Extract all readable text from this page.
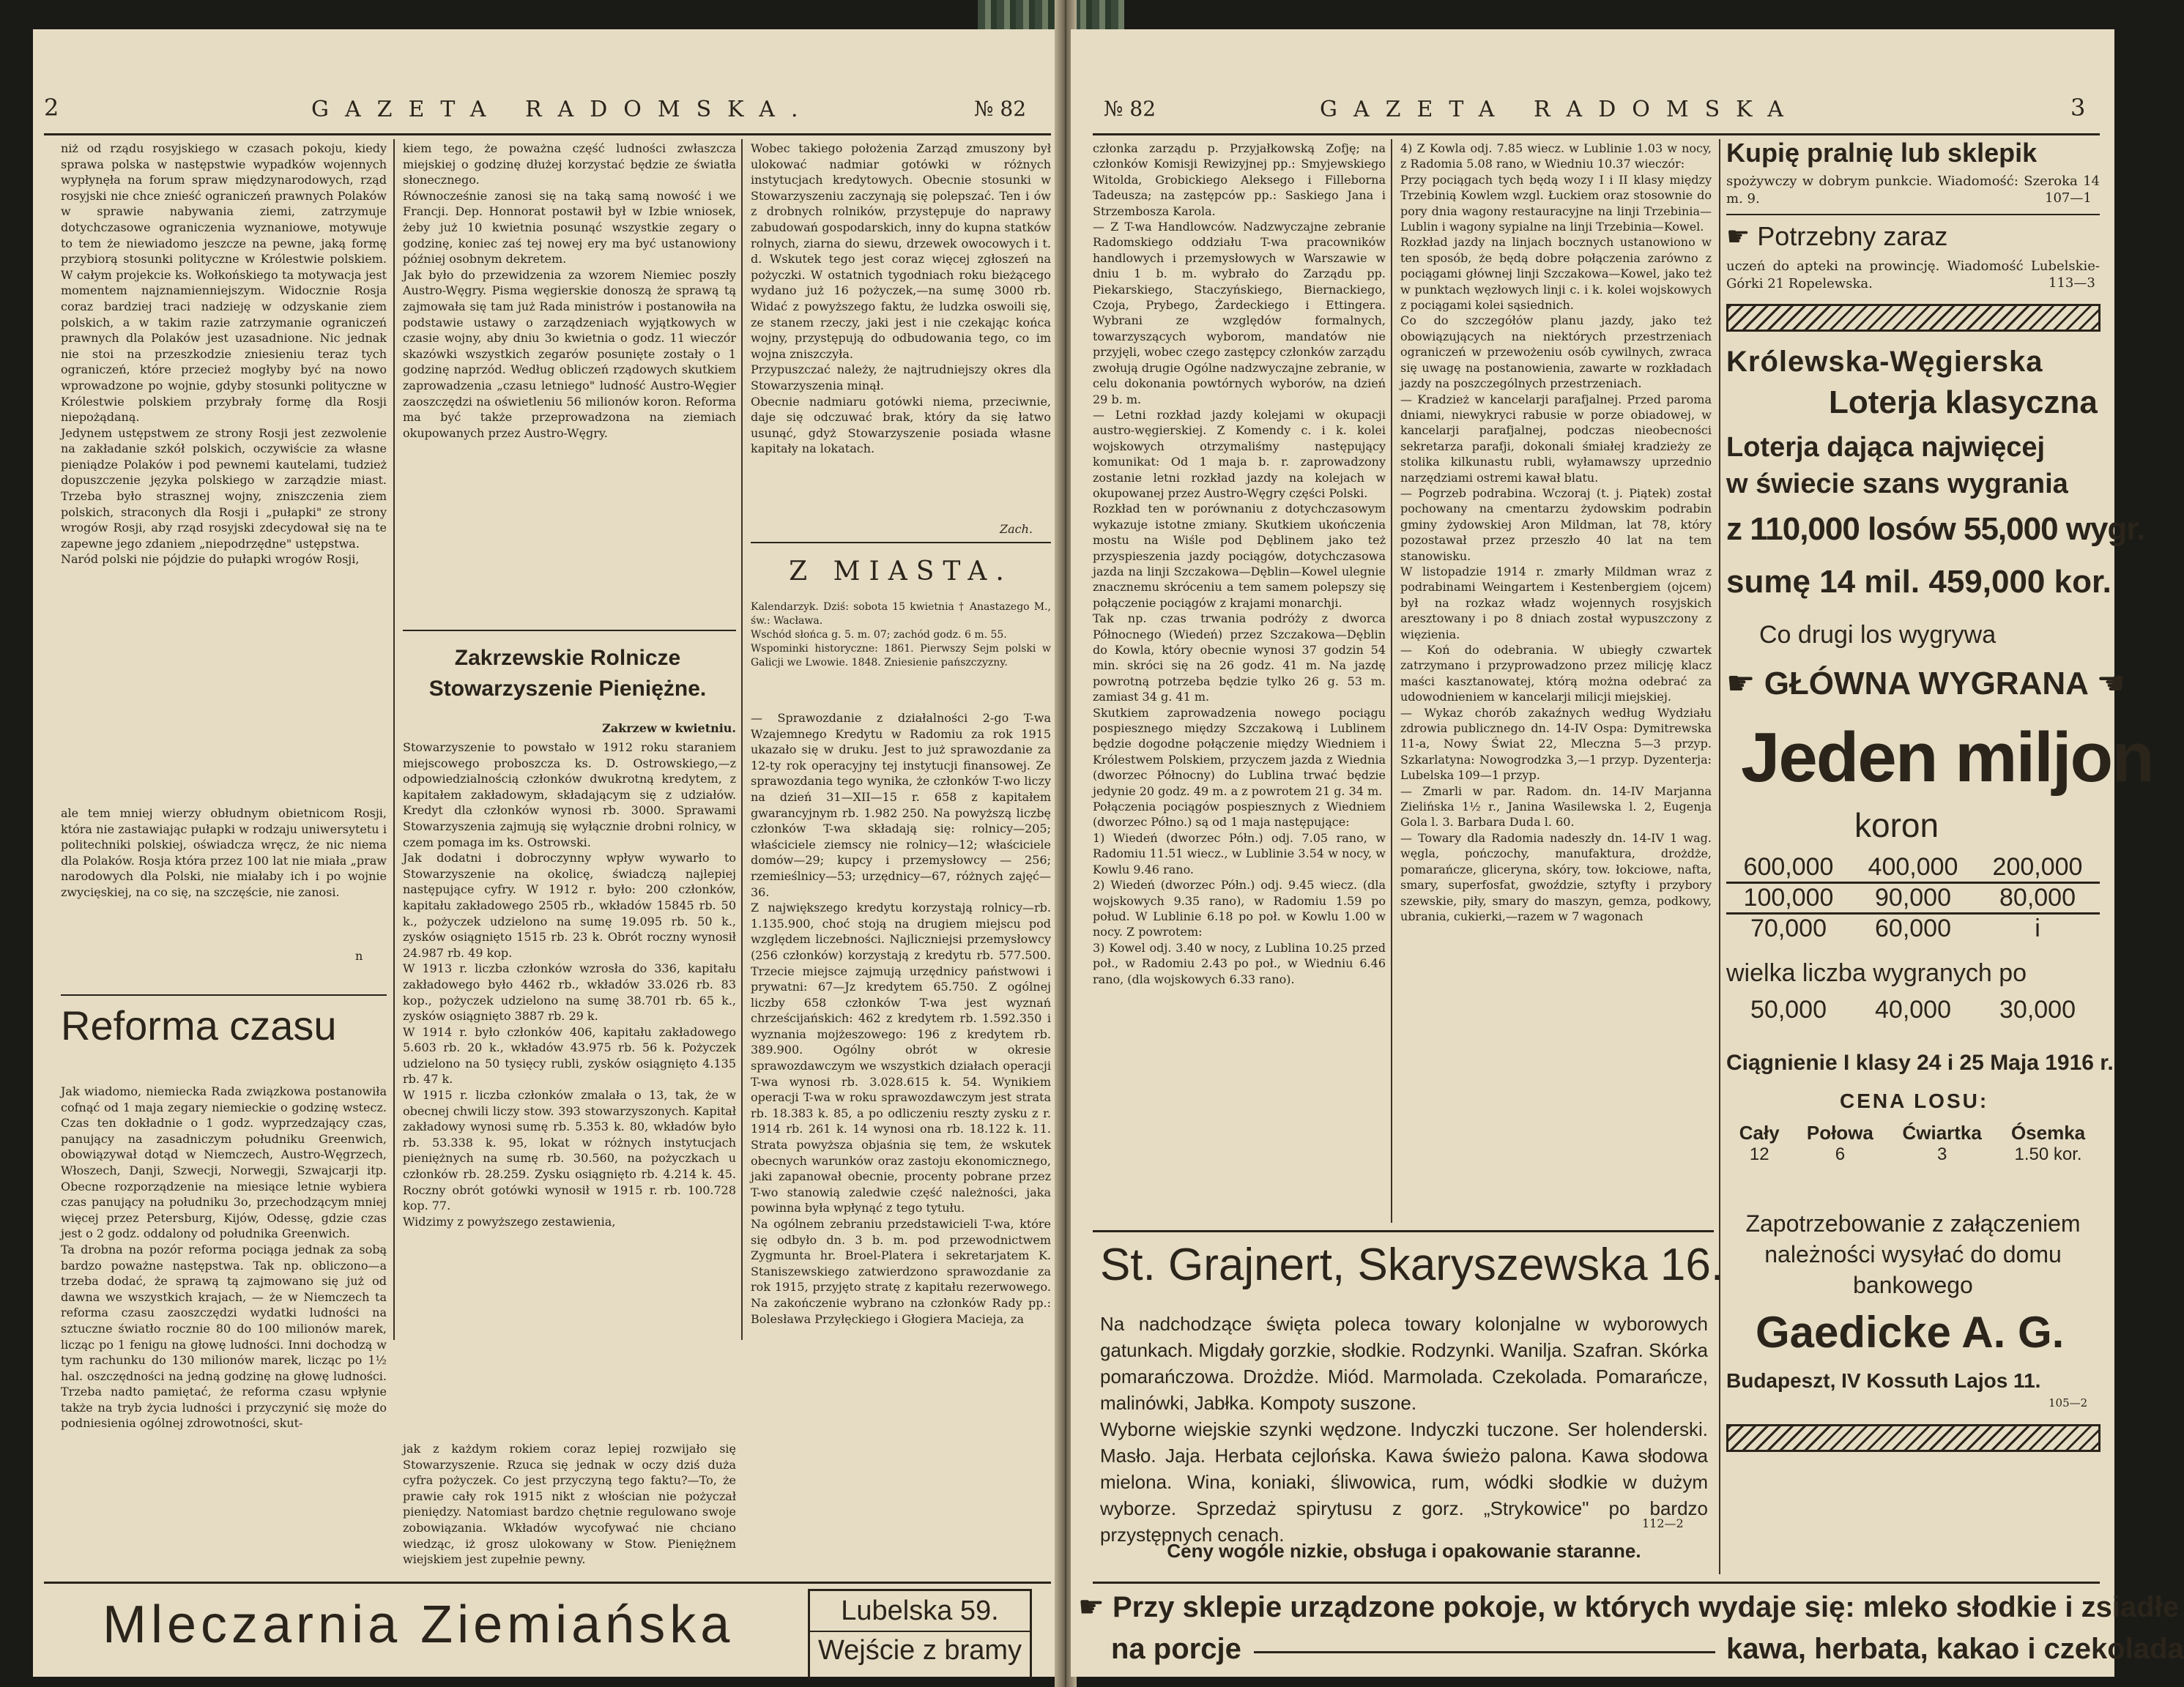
2	GAZETA RADOMSKA.	№ 82
niż od rządu rosyjskiego w czasach pokoju, kiedy sprawa polska w następstwie wypadków wojennych wypłynęła na forum spraw międzynarodowych, rząd rosyjski nie chce znieść ograniczeń prawnych Polaków w sprawie nabywania ziemi, zatrzymuje dotychczasowe ograniczenia wyznaniowe, motywuje to tem że niewiadomo jeszcze na pewne, jaką formę przybiorą stosunki polityczne w Królestwie polskiem. W całym projekcie ks. Wołkońskiego ta motywacja jest momentem najznamienniejszym. Widocznie Rosja coraz bardziej traci nadzieję w odzyskanie ziem polskich, a w takim razie zatrzymanie ograniczeń prawnych dla Polaków jest uzasadnione. Nic jednak nie stoi na przeszkodzie zniesieniu teraz tych ograniczeń, które przecież mogłyby być na nowo wprowadzone po wojnie, gdyby stosunki polityczne w Królestwie polskiem przybrały formę dla Rosji niepożądaną.
Jedynem ustępstwem ze strony Rosji jest zezwolenie na zakładanie szkół polskich, oczywiście za własne pieniądze Polaków i pod pewnemi kautelami, tudzież dopuszczenie języka polskiego w zarządzie miast. Trzeba było strasznej wojny, zniszczenia ziem polskich, straconych dla Rosji i „pułapki" ze strony wrogów Rosji, aby rząd rosyjski zdecydował się na te zapewne jego zdaniem „niepodrzędne" ustępstwa.
Naród polski nie pójdzie do pułapki wrogów Rosji,
ale tem mniej wierzy obłudnym obietnicom Rosji, która nie zastawiając pułapki w rodzaju uniwersytetu i politechniki polskiej, oświadcza wręcz, że nic niema dla Polaków. Rosja która przez 100 lat nie miała „praw narodowych dla Polski, nie miałaby ich i po wojnie zwycięskiej, na co się, na szczęście, nie zanosi.
n
Reforma czasu
Jak wiadomo, niemiecka Rada związkowa postanowiła cofnąć od 1 maja zegary niemieckie o godzinę wstecz. Czas ten dokładnie o 1 godz. wyprzedzający czas, panujący na zasadniczym południku Greenwich, obowiązywał dotąd w Niemczech, Austro-Węgrzech, Włoszech, Danji, Szwecji, Norwegji, Szwajcarji itp. Obecne rozporządzenie na miesiące letnie wybiera czas panujący na południku 3o, przechodzącym mniej więcej przez Petersburg, Kijów, Odessę, gdzie czas jest o 2 godz. oddalony od południka Greenwich.
Ta drobna na pozór reforma pociąga jednak za sobą bardzo poważne następstwa. Tak np. obliczono—a trzeba dodać, że sprawą tą zajmowano się już od dawna we wszystkich krajach, — że w Niemczech ta reforma czasu zaoszczędzi wydatki ludności na sztuczne światło rocznie 80 do 100 milionów marek, licząc po 1 fenigu na głowę ludności. Inni dochodzą w tym rachunku do 130 milionów marek, licząc po 1½ hal. oszczędności na jedną godzinę na głowę ludności. Trzeba nadto pamiętać, że reforma czasu wpłynie także na tryb życia ludności i przyczynić się może do podniesienia ogólnej zdrowotności, skut-
kiem tego, że poważna część ludności zwłaszcza miejskiej o godzinę dłużej korzystać będzie ze światła słonecznego.
Równocześnie zanosi się na taką samą nowość i we Francji. Dep. Honnorat postawił był w Izbie wniosek, żeby już 10 kwietnia posunąć wszystkie zegary o godzinę, koniec zaś tej nowej ery ma być ustanowiony później osobnym dekretem.
Jak było do przewidzenia za wzorem Niemiec poszły Austro-Węgry. Pisma węgierskie donoszą że sprawą tą zajmowała się tam już Rada ministrów i postanowiła na podstawie ustawy o zarządzeniach wyjątkowych w czasie wojny, aby dniu 3o kwietnia o godz. 11 wieczór skazówki wszystkich zegarów posunięte zostały o 1 godzinę naprzód. Według obliczeń rządowych skutkiem zaprowadzenia „czasu letniego" ludność Austro-Węgier zaoszczędzi na oświetleniu 56 milionów koron. Reforma ma być także przeprowadzona na ziemiach okupowanych przez Austro-Węgry.
Zakrzewskie Rolnicze Stowarzyszenie Pieniężne.
Zakrzew w kwietniu.
Stowarzyszenie to powstało w 1912 roku staraniem miejscowego proboszcza ks. D. Ostrowskiego,—z odpowiedzialnością członków dwukrotną kredytem, z kapitałem zakładowym, składającym się z udziałów. Kredyt dla członków wynosi rb. 3000. Sprawami Stowarzyszenia zajmują się wyłącznie drobni rolnicy, w czem pomaga im ks. Ostrowski.
Jak dodatni i dobroczynny wpływ wywarło to Stowarzyszenie na okolicę, świadczą najlepiej następujące cyfry. W 1912 r. było: 200 członków, kapitału zakładowego 2505 rb., wkładów 15845 rb. 50 k., pożyczek udzielono na sumę 19.095 rb. 50 k., zysków osiągnięto 1515 rb. 23 k. Obrót roczny wynosił 24.987 rb. 49 kop.
W 1913 r. liczba członków wzrosła do 336, kapitału zakładowego było 4462 rb., wkładów 33.026 rb. 83 kop., pożyczek udzielono na sumę 38.701 rb. 65 k., zysków osiągnięto 3887 rb. 29 k.
W 1914 r. było członków 406, kapitału zakładowego 5.603 rb. 20 k., wkładów 43.975 rb. 56 k. Pożyczek udzielono na 50 tysięcy rubli, zysków osiągnięto 4.135 rb. 47 k.
W 1915 r. liczba członków zmalała o 13, tak, że w obecnej chwili liczy stow. 393 stowarzyszonych. Kapitał zakładowy wynosi sumę rb. 5.353 k. 80, wkładów było rb. 53.338 k. 95, lokat w różnych instytucjach pieniężnych na sumę rb. 30.560, na pożyczkach u członków rb. 28.259. Zysku osiągnięto rb. 4.214 k. 45. Roczny obrót gotówki wynosił w 1915 r. rb. 100.728 kop. 77.
Widzimy z powyższego zestawienia,
jak z każdym rokiem coraz lepiej rozwijało się Stowarzyszenie. Rzuca się jednak w oczy dziś duża cyfra pożyczek. Co jest przyczyną tego faktu?—To, że prawie cały rok 1915 nikt z włościan nie pożyczał pieniędzy. Natomiast bardzo chętnie regulowano swoje zobowiązania. Wkładów wycofywać nie chciano wiedząc, iż grosz ulokowany w Stow. Pieniężnem wiejskiem jest zupełnie pewny.
Wobec takiego położenia Zarząd zmuszony był ulokować nadmiar gotówki w różnych instytucjach kredytowych. Obecnie stosunki w Stowarzyszeniu zaczynają się polepszać. Ten i ów z drobnych rolników, przystępuje do naprawy zabudowań gospodarskich, inny do kupna statków rolnych, ziarna do siewu, drzewek owocowych i t. d. Wskutek tego jest coraz więcej zgłoszeń na pożyczki. W ostatnich tygodniach roku bieżącego wydano już 16 pożyczek,—na sumę 3000 rb. Widać z powyższego faktu, że ludzka oswoili się, ze stanem rzeczy, jaki jest i nie czekając końca wojny, przystępują do odbudowania tego, co im wojna zniszczyła.
Przypuszczać należy, że najtrudniejszy okres dla Stowarzyszenia minął.
Obecnie nadmiaru gotówki niema, przeciwnie, daje się odczuwać brak, który da się łatwo usunąć, gdyż Stowarzyszenie posiada własne kapitały na lokatach.
Zach.
Z MIASTA.
Kalendarzyk. Dziś: sobota 15 kwietnia † Anastazego M., św.: Wacława.
Wschód słońca g. 5. m. 07; zachód godz. 6 m. 55.
Wspominki historyczne: 1861. Pierwszy Sejm polski w Galicji we Lwowie. 1848. Zniesienie pańszczyzny.
— Sprawozdanie z działalności 2-go T-wa Wzajemnego Kredytu w Radomiu za rok 1915 ukazało się w druku. Jest to już sprawozdanie za 12-ty rok operacyjny tej instytucji finansowej. Ze sprawozdania tego wynika, że członków T-wo liczy na dzień 31—XII—15 r. 658 z kapitałem gwarancyjnym rb. 1.982 250. Na powyższą liczbę członków T-wa składają się: rolnicy—205; właściciele ziemscy nie rolnicy—12; właściciele domów—29; kupcy i przemysłowcy — 256; rzemieślnicy—53; urzędnicy—67, różnych zajęć—36.
Z największego kredytu korzystają rolnicy—rb. 1.135.900, choć stoją na drugiem miejscu pod względem liczebności. Najliczniejsi przemysłowcy (256 członków) korzystają z kredytu rb. 577.500. Trzecie miejsce zajmują urzędnicy państwowi i prywatni: 67—Jz kredytem 65.750. Z ogólnej liczby 658 członków T-wa jest wyznań chrześcijańskich: 462 z kredytem rb. 1.592.350 i wyznania mojżeszowego: 196 z kredytem rb. 389.900. Ogólny obrót w okresie sprawozdawczym we wszystkich działach operacji T-wa wynosi rb. 3.028.615 k. 54. Wynikiem operacji T-wa w roku sprawozdawczym jest strata rb. 18.383 k. 85, a po odliczeniu reszty zysku z r. 1914 rb. 261 k. 14 wynosi ona rb. 18.122 k. 11. Strata powyższa objaśnia się tem, że wskutek obecnych warunków oraz zastoju ekonomicznego, jaki zapanował obecnie, procenty pobrane przez T-wo stanowią zaledwie część należności, jaka powinna była wpłynąć z tego tytułu.
Na ogólnem zebraniu przedstawicieli T-wa, które się odbyło dn. 3 b. m. pod przewodnictwem Zygmunta hr. Broel-Platera i sekretarjatem K. Staniszewskiego zatwierdzono sprawozdanie za rok 1915, przyjęto stratę z kapitału rezerwowego. Na zakończenie wybrano na członków Rady pp.: Bolesława Przyłęckiego i Głogiera Macieja, za
Mleczarnia Ziemiańska	Lubelska 59.
Wejście z bramy
№ 82	GAZETA RADOMSKA	3
członka zarządu p. Przyjałkowską Zofję; na członków Komisji Rewizyjnej pp.: Smyjewskiego Witolda, Grobickiego Aleksego i Filleborna Tadeusza; na zastępców pp.: Saskiego Jana i Strzembosza Karola.
— Z T-wa Handlowców. Nadzwyczajne zebranie Radomskiego oddziału T-wa pracowników handlowych i przemysłowych w Warszawie w dniu 1 b. m. wybrało do Zarządu pp. Piekarskiego, Staczyńskiego, Biernackiego, Czoja, Prybego, Żardeckiego i Ettingera. Wybrani ze względów formalnych, towarzyszących wyborom, mandatów nie przyjęli, wobec czego zastępcy członków zarządu zwołują drugie Ogólne nadzwyczajne zebranie, w celu dokonania powtórnych wyborów, na dzień 29 b. m.
— Letni rozkład jazdy kolejami w okupacji austro-węgierskiej. Z Komendy c. i k. kolei wojskowych otrzymaliśmy następujący komunikat: Od 1 maja b. r. zaprowadzony zostanie letni rozkład jazdy na kolejach w okupowanej przez Austro-Węgry części Polski.
Rozkład ten w porównaniu z dotychczasowym wykazuje istotne zmiany. Skutkiem ukończenia mostu na Wiśle pod Dęblinem jako też przyspieszenia jazdy pociągów, dotychczasowa jazda na linji Szczakowa—Dęblin—Kowel ulegnie znacznemu skróceniu a tem samem polepszy się połączenie pociągów z krajami monarchji.
Tak np. czas trwania podróży z dworca Północnego (Wiedeń) przez Szczakowa—Dęblin do Kowla, który obecnie wynosi 37 godzin 54 min. skróci się na 26 godz. 41 m. Na jazdę powrotną potrzeba będzie tylko 26 g. 53 m. zamiast 34 g. 41 m.
Skutkiem zaprowadzenia nowego pociągu pospiesznego między Szczakową i Lublinem będzie dogodne połączenie między Wiedniem i Królestwem Polskiem, przyczem jazda z Wiednia (dworzec Północny) do Lublina trwać będzie jedynie 20 godz. 49 m. a z powrotem 21 g. 34 m.
Połączenia pociągów pospiesznych z Wiedniem (dworzec Półno.) są od 1 maja następujące:
1) Wiedeń (dworzec Półn.) odj. 7.05 rano, w Radomiu 11.51 wiecz., w Lublinie 3.54 w nocy, w Kowlu 9.46 rano.
2) Wiedeń (dworzec Półn.) odj. 9.45 wiecz. (dla wojskowych 9.35 rano), w Radomiu 1.59 po połud. W Lublinie 6.18 po poł. w Kowlu 1.00 w nocy. Z powrotem:
3) Kowel odj. 3.40 w nocy, z Lublina 10.25 przed poł., w Radomiu 2.43 po poł., w Wiedniu 6.46 rano, (dla wojskowych 6.33 rano).
4) Z Kowla odj. 7.85 wiecz. w Lublinie 1.03 w nocy, z Radomia 5.08 rano, w Wiedniu 10.37 wieczór:
Przy pociągach tych będą wozy I i II klasy między Trzebinią Kowlem wzgl. Łuckiem oraz stosownie do pory dnia wagony restauracyjne na linji Trzebinia—Lublin i wagony sypialne na linji Trzebinia—Kowel.
Rozkład jazdy na linjach bocznych ustanowiono w ten sposób, że będą dobre połączenia zarówno z pociągami głównej linji Szczakowa—Kowel, jako też w punktach węzłowych linji c. i k. kolei wojskowych z pociągami kolei sąsiednich.
Co do szczegółów planu jazdy, jako też obowiązujących na niektórych przestrzeniach ograniczeń w przewożeniu osób cywilnych, zwraca się uwagę na postanowienia, zawarte w rozkładach jazdy na poszczególnych przestrzeniach.
— Kradzież w kancelarji parafjalnej. Przed paroma dniami, niewykryci rabusie w porze obiadowej, w kancelarji parafjalnej, podczas nieobecności sekretarza parafji, dokonali śmiałej kradzieży ze stolika kilkunastu rubli, wyłamawszy uprzednio narzędziami ostremi kawał blatu.
— Pogrzeb podrabina. Wczoraj (t. j. Piątek) został pochowany na cmentarzu żydowskim podrabin gminy żydowskiej Aron Mildman, lat 78, który pozostawał przez przeszło 40 lat na tem stanowisku.
W listopadzie 1914 r. zmarły Mildman wraz z podrabinami Weingartem i Kestenbergiem (ojcem) był na rozkaz władz wojennych rosyjskich aresztowany i po 8 dniach został wypuszczony z więzienia.
— Koń do odebrania. W ubiegły czwartek zatrzymano i przyprowadzono przez milicję klacz maści kasztanowatej, którą można odebrać za udowodnieniem w kancelarji milicji miejskiej.
— Wykaz chorób zakaźnych według Wydziału zdrowia publicznego dn. 14-IV Ospa: Dymitrewska 11-a, Nowy Świat 22, Mleczna 5—3 przyp. Szkarlatyna: Nowogrodzka 3,—1 przyp. Dyzenterja: Lubelska 109—1 przyp.
— Zmarli w par. Radom. dn. 14-IV Marjanna Zielińska 1½ r., Janina Wasilewska l. 2, Eugenja Gola l. 3. Barbara Duda l. 60.
— Towary dla Radomia nadeszły dn. 14-IV 1 wag. węgla, pończochy, manufaktura, drożdże, pomarańcze, gliceryna, skóry, tow. łokciowe, nafta, smary, superfosfat, gwoździe, sztyfty i przybory szewskie, piły, smary do maszyn, gemza, podkowy, ubrania, cukierki,—razem w 7 wagonach
St. Grajnert, Skaryszewska 16.
Na nadchodzące święta poleca towary kolonjalne w wyborowych gatunkach. Migdały gorzkie, słodkie. Rodzynki. Wanilja. Szafran. Skórka pomarańczowa. Drożdże. Miód. Marmolada. Czekolada. Pomarańcze, malinówki, Jabłka. Kompoty suszone.
Wyborne wiejskie szynki wędzone. Indyczki tuczone. Ser holenderski. Masło. Jaja. Herbata cejlońska. Kawa świeżo palona. Kawa słodowa mielona. Wina, koniaki, śliwowica, rum, wódki słodkie w dużym wyborze. Sprzedaż spirytusu z gorz. „Strykowice" po bardzo przystępnych cenach.
112—2
Ceny wogóle nizkie, obsługa i opakowanie staranne.
Kupię pralnię lub sklepik
spożywczy w dobrym punkcie. Wiadomość: Szeroka 14 m. 9.	107—1
☛ Potrzebny zaraz
uczeń do apteki na prowincję. Wiadomość Lubelskie-Górki 21 Ropelewska.	113—3
Królewska-Węgierska
Loterja klasyczna
Loterja dająca najwięcej
w świecie szans wygrania
z 110,000 losów 55,000 wygr.
sumę 14 mil. 459,000 kor.
Co drugi los wygrywa
☛ GŁÓWNA WYGRANA ☚
Jeden miljon
koron
600,000	400,000	200,000
100,000	90,000	80,000
70,000	60,000	i
wielka liczba wygranych po
50,000	40,000	30,000
Ciągnienie I klasy 24 i 25 Maja 1916 r.
CENA LOSU:
Cały	Połowa	Ćwiartka	Ósemka
12	6	3	1.50 kor.
Zapotrzebowanie z załączeniem należności wysyłać do domu bankowego
Gaedicke A. G.
Budapeszt, IV Kossuth Lajos 11.
105—2
☛ Przy sklepie urządzone pokoje, w których wydaje się: mleko słodkie i zsiadłe
na porcje	kawa, herbata, kakao i czekolada
